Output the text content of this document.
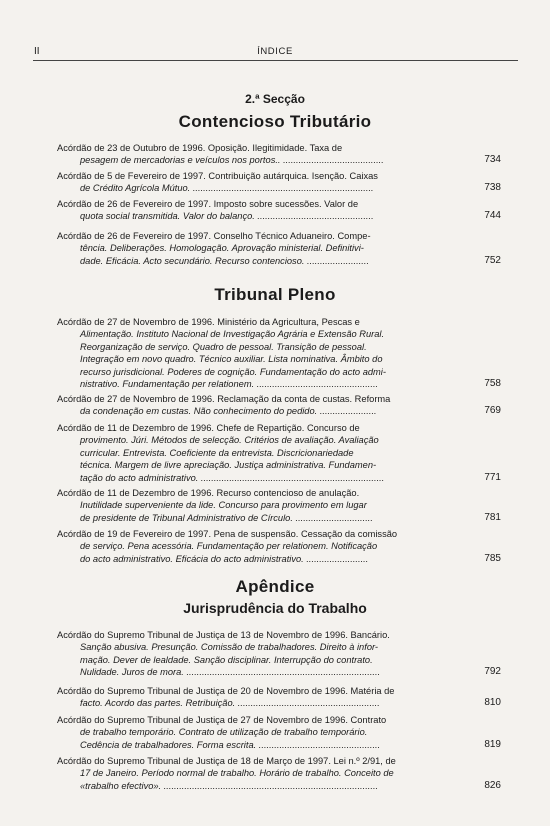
II	ÍNDICE
2.ª Secção
Contencioso Tributário
Acórdão de 23 de Outubro de 1996. Oposição. Ilegitimidade. Taxa de
pesagem de mercadorias e veículos nos portos.. .......................................	734
Acórdão de 5 de Fevereiro de 1997. Contribuição autárquica. Isenção. Caixas
de Crédito Agrícola Mútuo. ......................................................................	738
Acórdão de 26 de Fevereiro de 1997. Imposto sobre sucessões. Valor de
quota social transmitida. Valor do balanço. .............................................	744
Acórdão de 26 de Fevereiro de 1997. Conselho Técnico Aduaneiro. Compe-
tência. Deliberações. Homologação. Aprovação ministerial. Definitivi-
dade. Eficácia. Acto secundário. Recurso contencioso. ........................	752
Tribunal Pleno
Acórdão de 27 de Novembro de 1996. Ministério da Agricultura, Pescas e
Alimentação. Instituto Nacional de Investigação Agrária e Extensão Rural.
Reorganização de serviço. Quadro de pessoal. Transição de pessoal.
Integração em novo quadro. Técnico auxiliar. Lista nominativa. Âmbito do
recurso jurisdicional. Poderes de cognição. Fundamentação do acto admi-
nistrativo. Fundamentação per relationem. ...............................................	758
Acórdão de 27 de Novembro de 1996. Reclamação da conta de custas. Reforma
da condenação em custas. Não conhecimento do pedido. ......................	769
Acórdão de 11 de Dezembro de 1996. Chefe de Repartição. Concurso de
provimento. Júri. Métodos de selecção. Critérios de avaliação. Avaliação
curricular. Entrevista. Coeficiente da entrevista. Discricionariedade
técnica. Margem de livre apreciação. Justiça administrativa. Fundamen-
tação do acto administrativo. .......................................................................	771
Acórdão de 11 de Dezembro de 1996. Recurso contencioso de anulação.
Inutilidade superveniente da lide. Concurso para provimento em lugar
de presidente de Tribunal Administrativo de Círculo. ..............................	781
Acórdão de 19 de Fevereiro de 1997. Pena de suspensão. Cessação da comissão
de serviço. Pena acessória. Fundamentação per relationem. Notificação
do acto administrativo. Eficácia do acto administrativo. ........................	785
Apêndice
Jurisprudência do Trabalho
Acórdão do Supremo Tribunal de Justiça de 13 de Novembro de 1996. Bancário.
Sanção abusiva. Presunção. Comissão de trabalhadores. Direito à infor-
mação. Dever de lealdade. Sanção disciplinar. Interrupção do contrato.
Nulidade. Juros de mora. ...........................................................................	792
Acórdão do Supremo Tribunal de Justiça de 20 de Novembro de 1996. Matéria de
facto. Acordo das partes. Retribuição. .......................................................	810
Acórdão do Supremo Tribunal de Justiça de 27 de Novembro de 1996. Contrato
de trabalho temporário. Contrato de utilização de trabalho temporário.
Cedência de trabalhadores. Forma escrita. ...............................................	819
Acórdão do Supremo Tribunal de Justiça de 18 de Março de 1997. Lei n.º 2/91, de
17 de Janeiro. Período normal de trabalho. Horário de trabalho. Conceito de
«trabalho efectivo». ...................................................................................	826
